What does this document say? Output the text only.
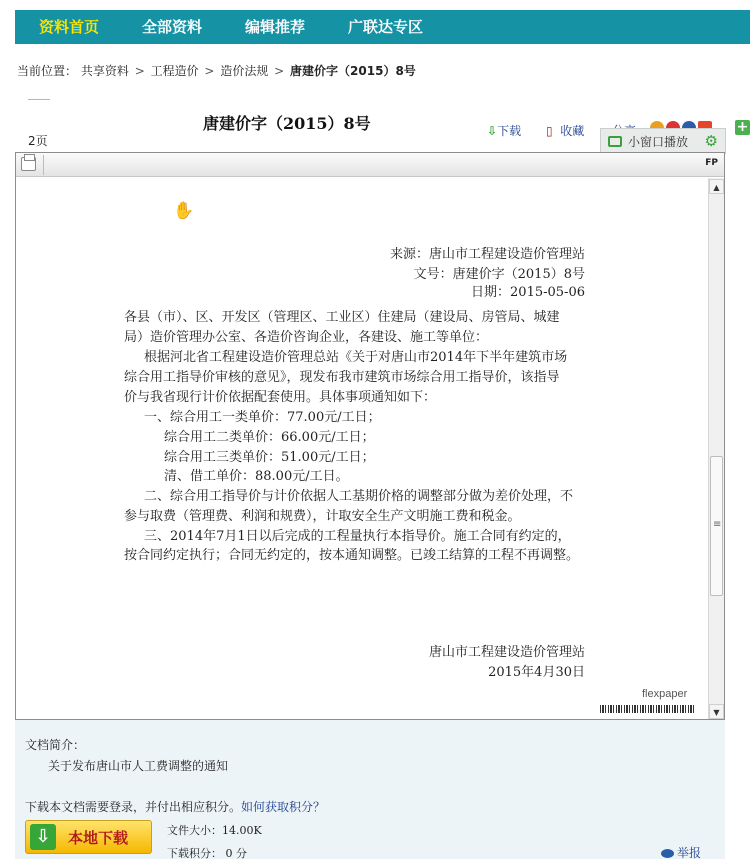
资料首页	全部资料	编辑推荐	广联达专区
当前位置： 共享资料 > 工程造价 > 造价法规 > 唐建价字（2015）8号
唐建价字（2015）8号
2页
⇩下载 ▯ 收藏	+
小窗口播放 ⚙
FP
✋
来源：唐山市工程建设造价管理站
文号：唐建价字（2015）8号
日期：2015-05-06
各县（市）、区、开发区（管理区、工业区）住建局（建设局、房管局、城建
局）造价管理办公室、各造价咨询企业，各建设、施工等单位：
根据河北省工程建设造价管理总站《关于对唐山市2014年下半年建筑市场
综合用工指导价审核的意见》，现发布我市建筑市场综合用工指导价，该指导
价与我省现行计价依据配套使用。具体事项通知如下：
一、综合用工一类单价：77.00元/工日；
综合用工二类单价：66.00元/工日；
综合用工三类单价：51.00元/工日；
清、借工单价：88.00元/工日。
二、综合用工指导价与计价依据人工基期价格的调整部分做为差价处理，不
参与取费（管理费、利润和规费），计取安全生产文明施工费和税金。
三、2014年7月1日以后完成的工程量执行本指导价。施工合同有约定的，
按合同约定执行；合同无约定的，按本通知调整。已竣工结算的工程不再调整。
唐山市工程建设造价管理站
2015年4月30日
flexpaper
▲
≡
▼
文档简介：
关于发布唐山市人工费调整的通知
下载本文档需要登录，并付出相应积分。如何获取积分？
⇩	本地下载	文件大小：14.00K
下载积分： 0 分	举报
